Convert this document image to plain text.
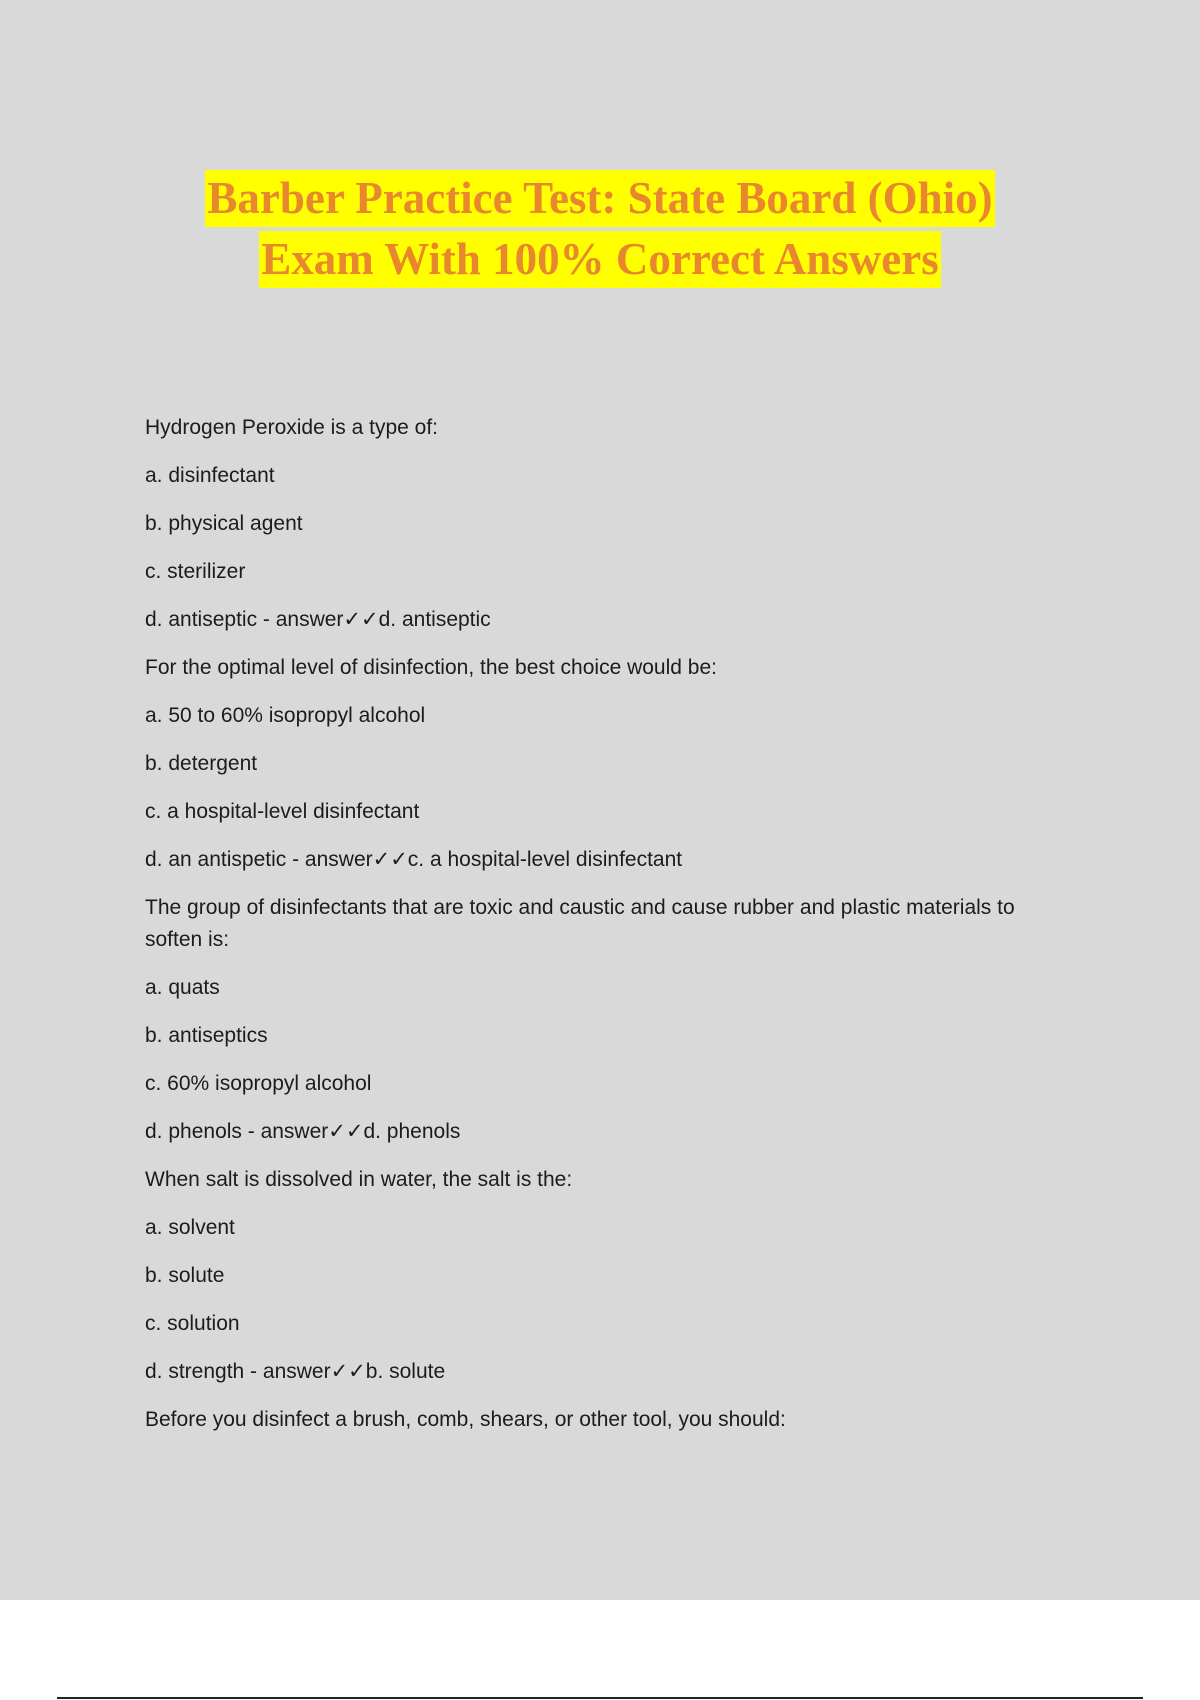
Barber Practice Test: State Board (Ohio)
Exam With 100% Correct Answers
Hydrogen Peroxide is a type of:
a. disinfectant
b. physical agent
c. sterilizer
d. antiseptic - answer✓✓d. antiseptic
For the optimal level of disinfection, the best choice would be:
a. 50 to 60% isopropyl alcohol
b. detergent
c. a hospital-level disinfectant
d. an antispetic - answer✓✓c. a hospital-level disinfectant
The group of disinfectants that are toxic and caustic and cause rubber and plastic materials to soften is:
a. quats
b. antiseptics
c. 60% isopropyl alcohol
d. phenols - answer✓✓d. phenols
When salt is dissolved in water, the salt is the:
a. solvent
b. solute
c. solution
d. strength - answer✓✓b. solute
Before you disinfect a brush, comb, shears, or other tool, you should:
